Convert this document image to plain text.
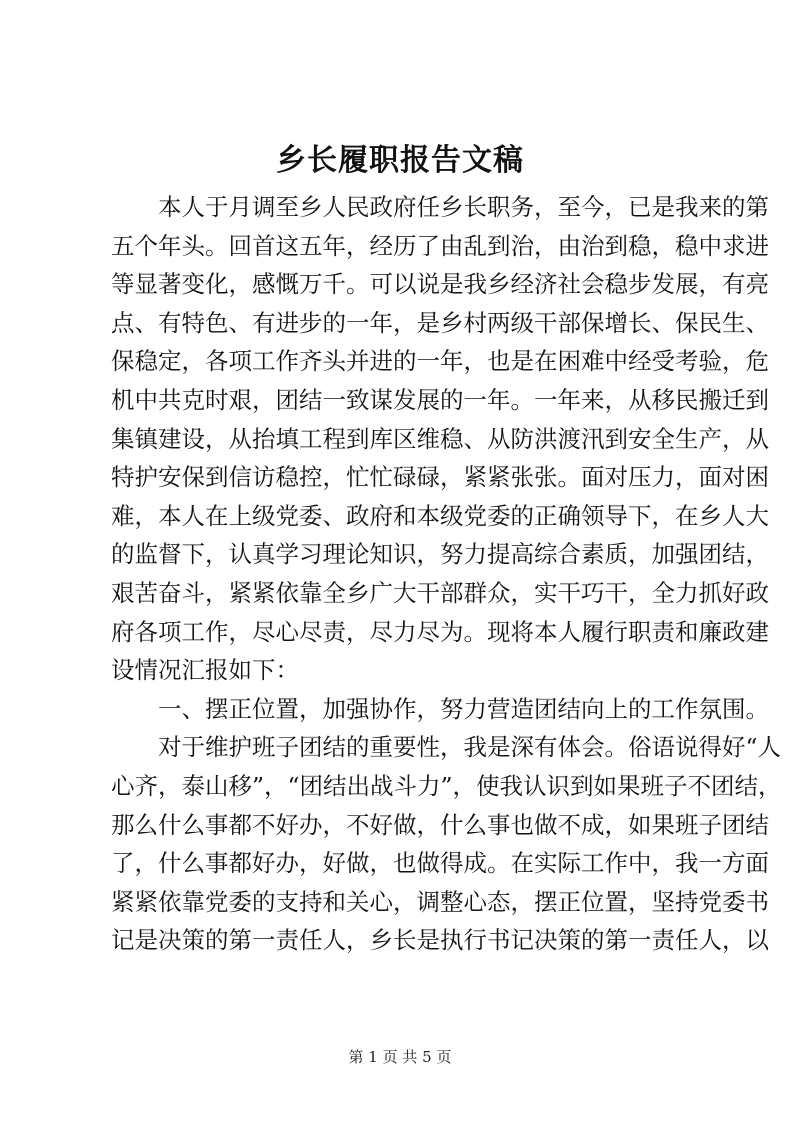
乡长履职报告文稿
本人于月调至乡人民政府任乡长职务，至今，已是我来的第
五个年头。回首这五年，经历了由乱到治，由治到稳，稳中求进
等显著变化，感慨万千。可以说是我乡经济社会稳步发展，有亮
点、有特色、有进步的一年，是乡村两级干部保增长、保民生、
保稳定，各项工作齐头并进的一年，也是在困难中经受考验，危
机中共克时艰，团结一致谋发展的一年。一年来，从移民搬迁到
集镇建设，从抬填工程到库区维稳、从防洪渡汛到安全生产，从
特护安保到信访稳控，忙忙碌碌，紧紧张张。面对压力，面对困
难，本人在上级党委、政府和本级党委的正确领导下，在乡人大
的监督下，认真学习理论知识，努力提高综合素质，加强团结，
艰苦奋斗，紧紧依靠全乡广大干部群众，实干巧干，全力抓好政
府各项工作，尽心尽责，尽力尽为。现将本人履行职责和廉政建
设情况汇报如下：
一、摆正位置，加强协作，努力营造团结向上的工作氛围。
对于维护班子团结的重要性，我是深有体会。俗语说得好“人
心齐，泰山移”，“团结出战斗力”，使我认识到如果班子不团结，
那么什么事都不好办，不好做，什么事也做不成，如果班子团结
了，什么事都好办，好做，也做得成。在实际工作中，我一方面
紧紧依靠党委的支持和关心，调整心态，摆正位置，坚持党委书
记是决策的第一责任人，乡长是执行书记决策的第一责任人，以
第 1 页 共 5 页
